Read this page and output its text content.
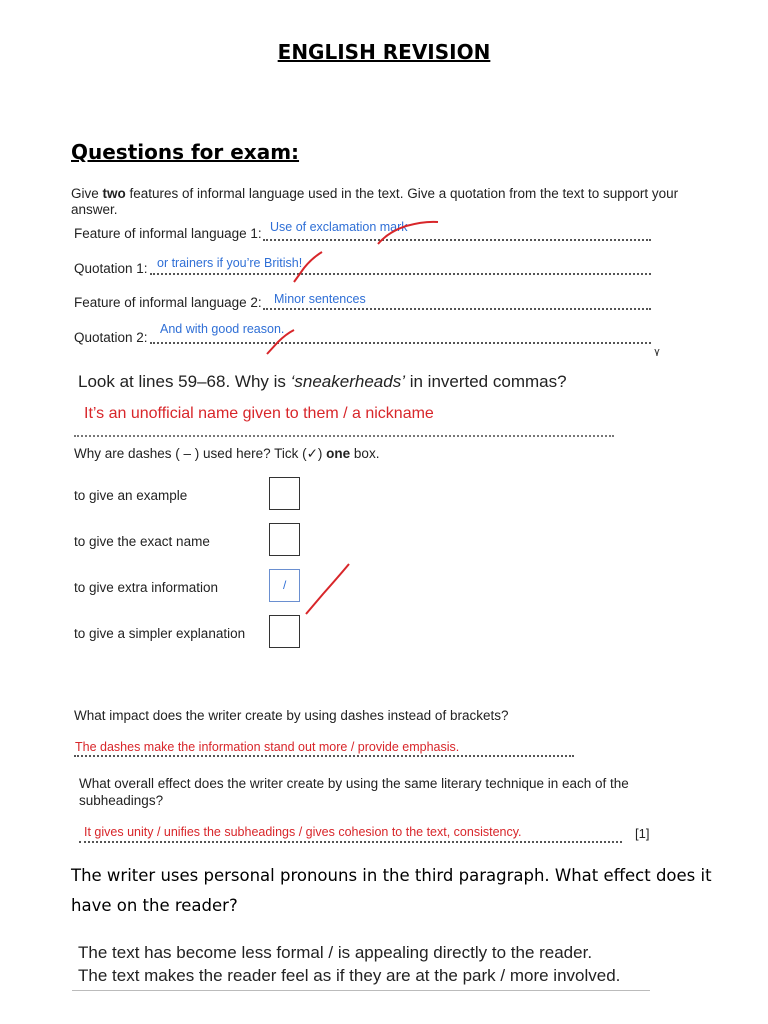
ENGLISH REVISION
Questions for exam:
Give two features of informal language used in the text. Give a quotation from the text to support your
answer.
Feature of informal language 1: Use of exclamation mark
Quotation 1: or trainers if you’re British!
Feature of informal language 2: Minor sentences
Quotation 2:
And with good reason.
۷
Look at lines 59–68. Why is ‘sneakerheads’ in inverted commas?
It’s an unofficial name given to them / a nickname
Why are dashes ( – ) used here? Tick (✓) one box.
to give an example
to give the exact name
to give extra information	/
to give a simpler explanation
What impact does the writer create by using dashes instead of brackets?
The dashes make the information stand out more / provide emphasis.
What overall effect does the writer create by using the same literary technique in each of the
subheadings?
It gives unity / unifies the subheadings / gives cohesion to the text, consistency.	[1]
The writer uses personal pronouns in the third paragraph. What effect does it
have on the reader?
The text has become less formal / is appealing directly to the reader.
The text makes the reader feel as if they are at the park / more involved.
